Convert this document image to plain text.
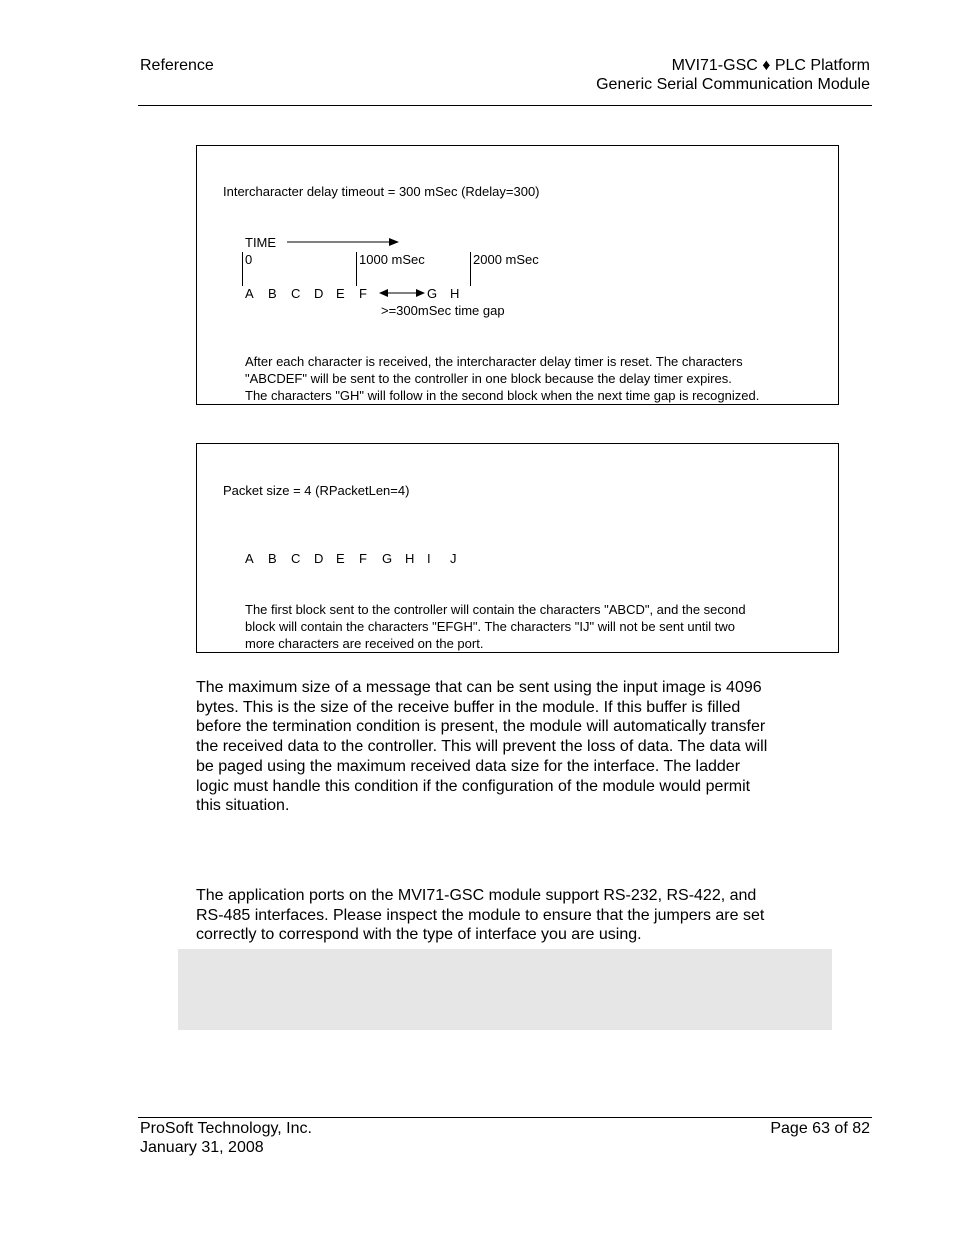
Reference	MVI71-GSC ♦ PLC Platform
Generic Serial Communication Module
Intercharacter delay timeout = 300 mSec (Rdelay=300)
TIME
0	1000 mSec	2000 mSec
A B C D E F	G H
>=300mSec time gap
After each character is received, the intercharacter delay timer is reset. The characters
"ABCDEF" will be sent to the controller in one block because the delay timer expires.
The characters "GH" will follow in the second block when the next time gap is recognized.
Packet size = 4 (RPacketLen=4)
A B C D E F G H I J
The first block sent to the controller will contain the characters "ABCD", and the second
block will contain the characters "EFGH". The characters "IJ" will not be sent until two
more characters are received on the port.
The maximum size of a message that can be sent using the input image is 4096
bytes. This is the size of the receive buffer in the module. If this buffer is filled
before the termination condition is present, the module will automatically transfer
the received data to the controller. This will prevent the loss of data. The data will
be paged using the maximum received data size for the interface. The ladder
logic must handle this condition if the configuration of the module would permit
this situation.
The application ports on the MVI71-GSC module support RS-232, RS-422, and
RS-485 interfaces. Please inspect the module to ensure that the jumpers are set
correctly to correspond with the type of interface you are using.
ProSoft Technology, Inc.
January 31, 2008
Page 63 of 82
